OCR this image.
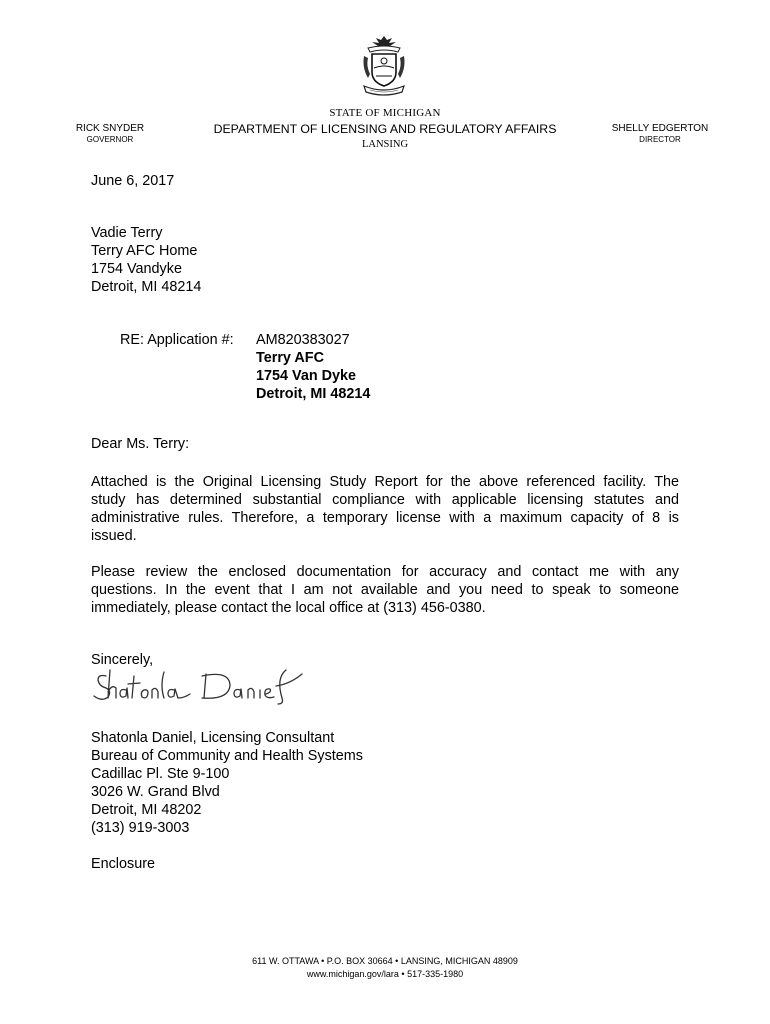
RICK SNYDER
GOVERNOR
STATE OF MICHIGAN
DEPARTMENT OF LICENSING AND REGULATORY AFFAIRS
LANSING
SHELLY EDGERTON
DIRECTOR
June 6, 2017
Vadie Terry
Terry AFC Home
1754 Vandyke
Detroit, MI 48214
RE: Application #: AM820383027
Terry AFC
1754 Van Dyke
Detroit, MI 48214
Dear Ms. Terry:
Attached is the Original Licensing Study Report for the above referenced facility. The
study has determined substantial compliance with applicable licensing statutes and
administrative rules. Therefore, a temporary license with a maximum capacity of 8 is
issued.
Please review the enclosed documentation for accuracy and contact me with any
questions. In the event that I am not available and you need to speak to someone
immediately, please contact the local office at (313) 456-0380.
Sincerely,
Shatonla Daniel, Licensing Consultant
Bureau of Community and Health Systems
Cadillac Pl. Ste 9-100
3026 W. Grand Blvd
Detroit, MI 48202
(313) 919-3003
Enclosure
611 W. OTTAWA • P.O. BOX 30664 • LANSING, MICHIGAN 48909
www.michigan.gov/lara • 517-335-1980
